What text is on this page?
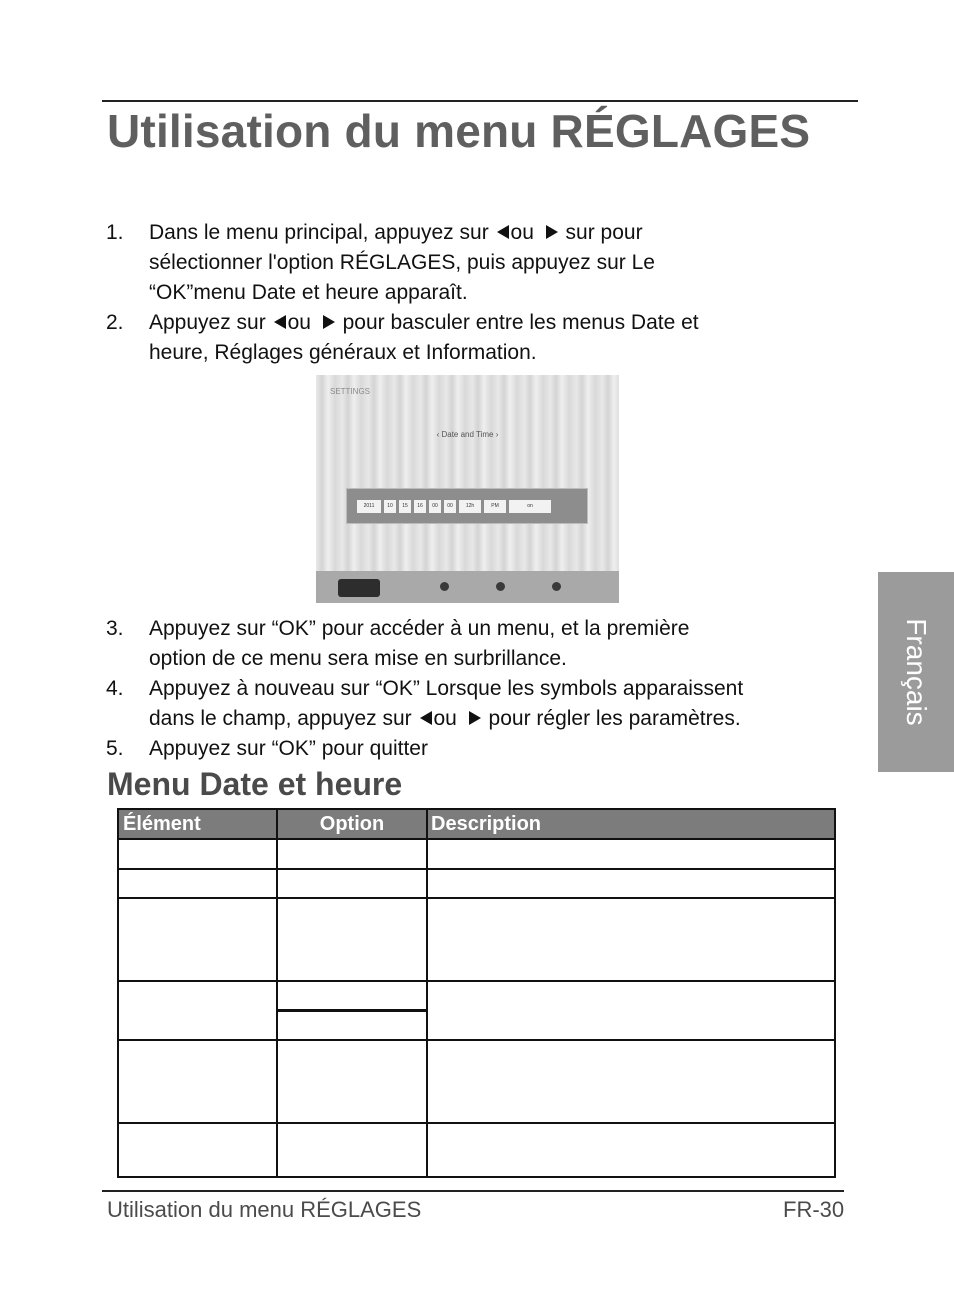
Utilisation du menu RÉGLAGES
1. Dans le menu principal, appuyez sur ou  sur pour
sélectionner l'option RÉGLAGES, puis appuyez sur Le
“OK”menu Date et heure apparaît.
2. Appuyez sur ou  pour basculer entre les menus Date et
heure, Réglages généraux et Information.
SETTINGS
‹ Date and Time ›
2011	10	15	16	00	00	12h	PM	on
3. Appuyez sur “OK” pour accéder à un menu, et la première
option de ce menu sera mise en surbrillance.
4. Appuyez à nouveau sur “OK” Lorsque les symbols apparaissent
dans le champ, appuyez sur ou  pour régler les paramètres.
5. Appuyez sur “OK” pour quitter
Menu Date et heure
Élément	Option	Description
Utilisation du menu RÉGLAGES	FR-30
Français
